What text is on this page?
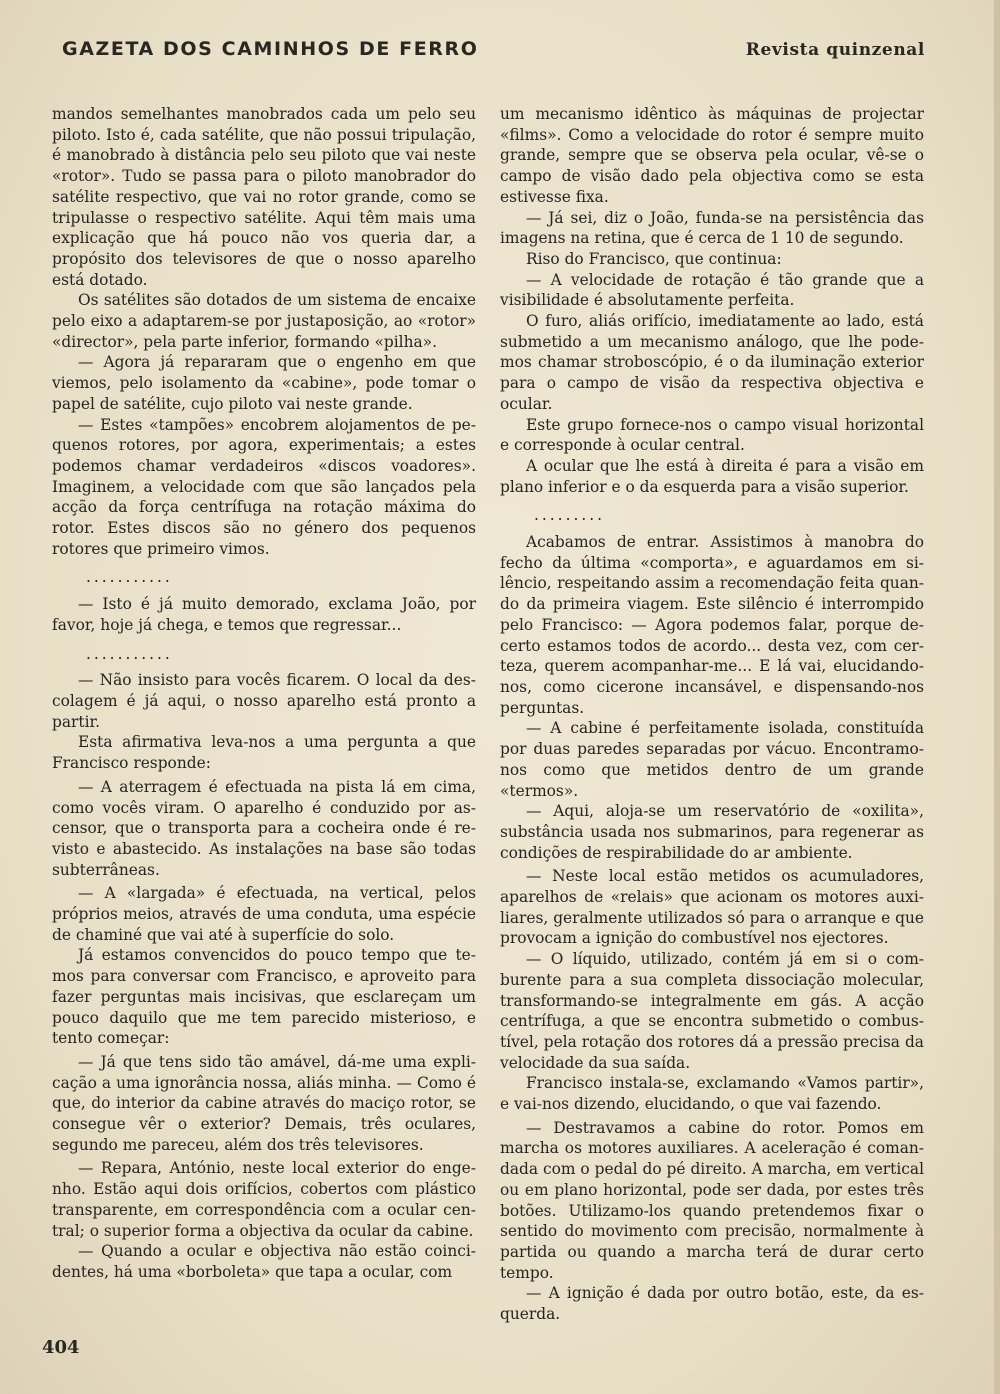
GAZETA DOS CAMINHOS DE FERRO	Revista quinzenal

mandos semelhantes manobrados cada um pelo seu piloto. Isto é, cada satélite, que não possui tripulação, é manobrado à distância pelo seu piloto que vai neste «rotor». Tudo se passa para o piloto manobrador do satélite respectivo, que vai no rotor grande, como se tripulasse o respectivo satélite. Aqui têm mais uma explicação que há pouco não vos queria dar, a propósito dos televisores de que o nosso aparelho está dotado.

Os satélites são dotados de um sistema de encaixe pelo eixo a adaptarem-se por justaposição, ao «rotor» «director», pela parte inferior, formando «pilha».

— Agora já repararam que o engenho em que viemos, pelo isolamento da «cabine», pode tomar o papel de satélite, cujo piloto vai neste grande.

— Estes «tampões» encobrem alojamentos de pequenos rotores, por agora, experimentais; a estes podemos chamar verdadeiros «discos voadores». Imaginem, a velocidade com que são lançados pela acção da força centrífuga na rotação máxima do rotor. Estes discos são no género dos pequenos rotores que primeiro vimos.

...........

— Isto é já muito demorado, exclama João, por favor, hoje já chega, e temos que regressar...

...........

— Não insisto para vocês ficarem. O local da descolagem é já aqui, o nosso aparelho está pronto a partir.

Esta afirmativa leva-nos a uma pergunta a que Francisco responde:

— A aterragem é efectuada na pista lá em cima, como vocês viram. O aparelho é conduzido por ascensor, que o transporta para a cocheira onde é revisto e abastecido. As instalações na base são todas subterrâneas.

— A «largada» é efectuada, na vertical, pelos próprios meios, através de uma conduta, uma espécie de chaminé que vai até à superfície do solo.

Já estamos convencidos do pouco tempo que temos para conversar com Francisco, e aproveito para fazer perguntas mais incisivas, que esclareçam um pouco daquilo que me tem parecido misterioso, e tento começar:

— Já que tens sido tão amável, dá-me uma explicação a uma ignorância nossa, aliás minha. — Como é que, do interior da cabine através do maciço rotor, se consegue vêr o exterior? Demais, três oculares, segundo me pareceu, além dos três televisores.

— Repara, António, neste local exterior do engenho. Estão aqui dois orifícios, cobertos com plástico transparente, em correspondência com a ocular central; o superior forma a objectiva da ocular da cabine.

— Quando a ocular e objectiva não estão coincidentes, há uma «borboleta» que tapa a ocular, com

um mecanismo idêntico às máquinas de projectar «films». Como a velocidade do rotor é sempre muito grande, sempre que se observa pela ocular, vê-se o campo de visão dado pela objectiva como se esta estivesse fixa.

— Já sei, diz o João, funda-se na persistência das imagens na retina, que é cerca de 1 10 de segundo.

Riso do Francisco, que continua:

— A velocidade de rotação é tão grande que a visibilidade é absolutamente perfeita.

O furo, aliás orifício, imediatamente ao lado, está submetido a um mecanismo análogo, que lhe podemos chamar stroboscópio, é o da iluminação exterior para o campo de visão da respectiva objectiva e ocular.

Este grupo fornece-nos o campo visual horizontal e corresponde à ocular central.

A ocular que lhe está à direita é para a visão em plano inferior e o da esquerda para a visão superior.

.........

Acabamos de entrar. Assistimos à manobra do fecho da última «comporta», e aguardamos em silêncio, respeitando assim a recomendação feita quando da primeira viagem. Este silêncio é interrompido pelo Francisco: — Agora podemos falar, porque decerto estamos todos de acordo... desta vez, com certeza, querem acompanhar-me... E lá vai, elucidando-nos, como cicerone incansável, e dispensando-nos perguntas.

— A cabine é perfeitamente isolada, constituída por duas paredes separadas por vácuo. Encontramo-nos como que metidos dentro de um grande «termos».

— Aqui, aloja-se um reservatório de «oxilita», substância usada nos submarinos, para regenerar as condições de respirabilidade do ar ambiente.

— Neste local estão metidos os acumuladores, aparelhos de «relais» que acionam os motores auxiliares, geralmente utilizados só para o arranque e que provocam a ignição do combustível nos ejectores.

— O líquido, utilizado, contém já em si o comburente para a sua completa dissociação molecular, transformando-se integralmente em gás. A acção centrífuga, a que se encontra submetido o combustível, pela rotação dos rotores dá a pressão precisa da velocidade da sua saída.

Francisco instala-se, exclamando «Vamos partir», e vai-nos dizendo, elucidando, o que vai fazendo.

— Destravamos a cabine do rotor. Pomos em marcha os motores auxiliares. A aceleração é comandada com o pedal do pé direito. A marcha, em vertical ou em plano horizontal, pode ser dada, por estes três botões. Utilizamo-los quando pretendemos fixar o sentido do movimento com precisão, normalmente à partida ou quando a marcha terá de durar certo tempo.

— A ignição é dada por outro botão, este, da esquerda.

404
